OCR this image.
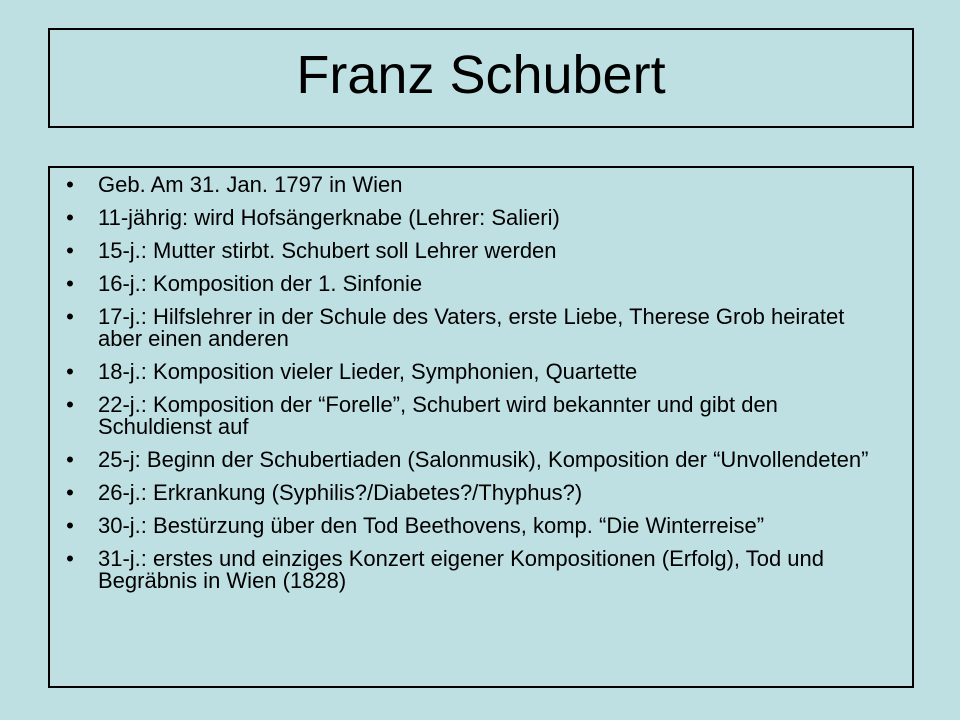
Franz Schubert
• Geb. Am 31. Jan. 1797 in Wien
• 11-jährig: wird Hofsängerknabe (Lehrer: Salieri)
• 15-j.: Mutter stirbt. Schubert soll Lehrer werden
• 16-j.: Komposition der 1. Sinfonie
• 17-j.: Hilfslehrer in der Schule des Vaters, erste Liebe, Therese Grob heiratet aber einen anderen
• 18-j.: Komposition vieler Lieder, Symphonien, Quartette
• 22-j.: Komposition der “Forelle”, Schubert wird bekannter und gibt den Schuldienst auf
• 25-j: Beginn der Schubertiaden (Salonmusik), Komposition der “Unvollendeten”
• 26-j.: Erkrankung (Syphilis?/Diabetes?/Thyphus?)
• 30-j.: Bestürzung über den Tod Beethovens, komp. “Die Winterreise”
• 31-j.: erstes und einziges Konzert eigener Kompositionen (Erfolg), Tod und Begräbnis in Wien (1828)
